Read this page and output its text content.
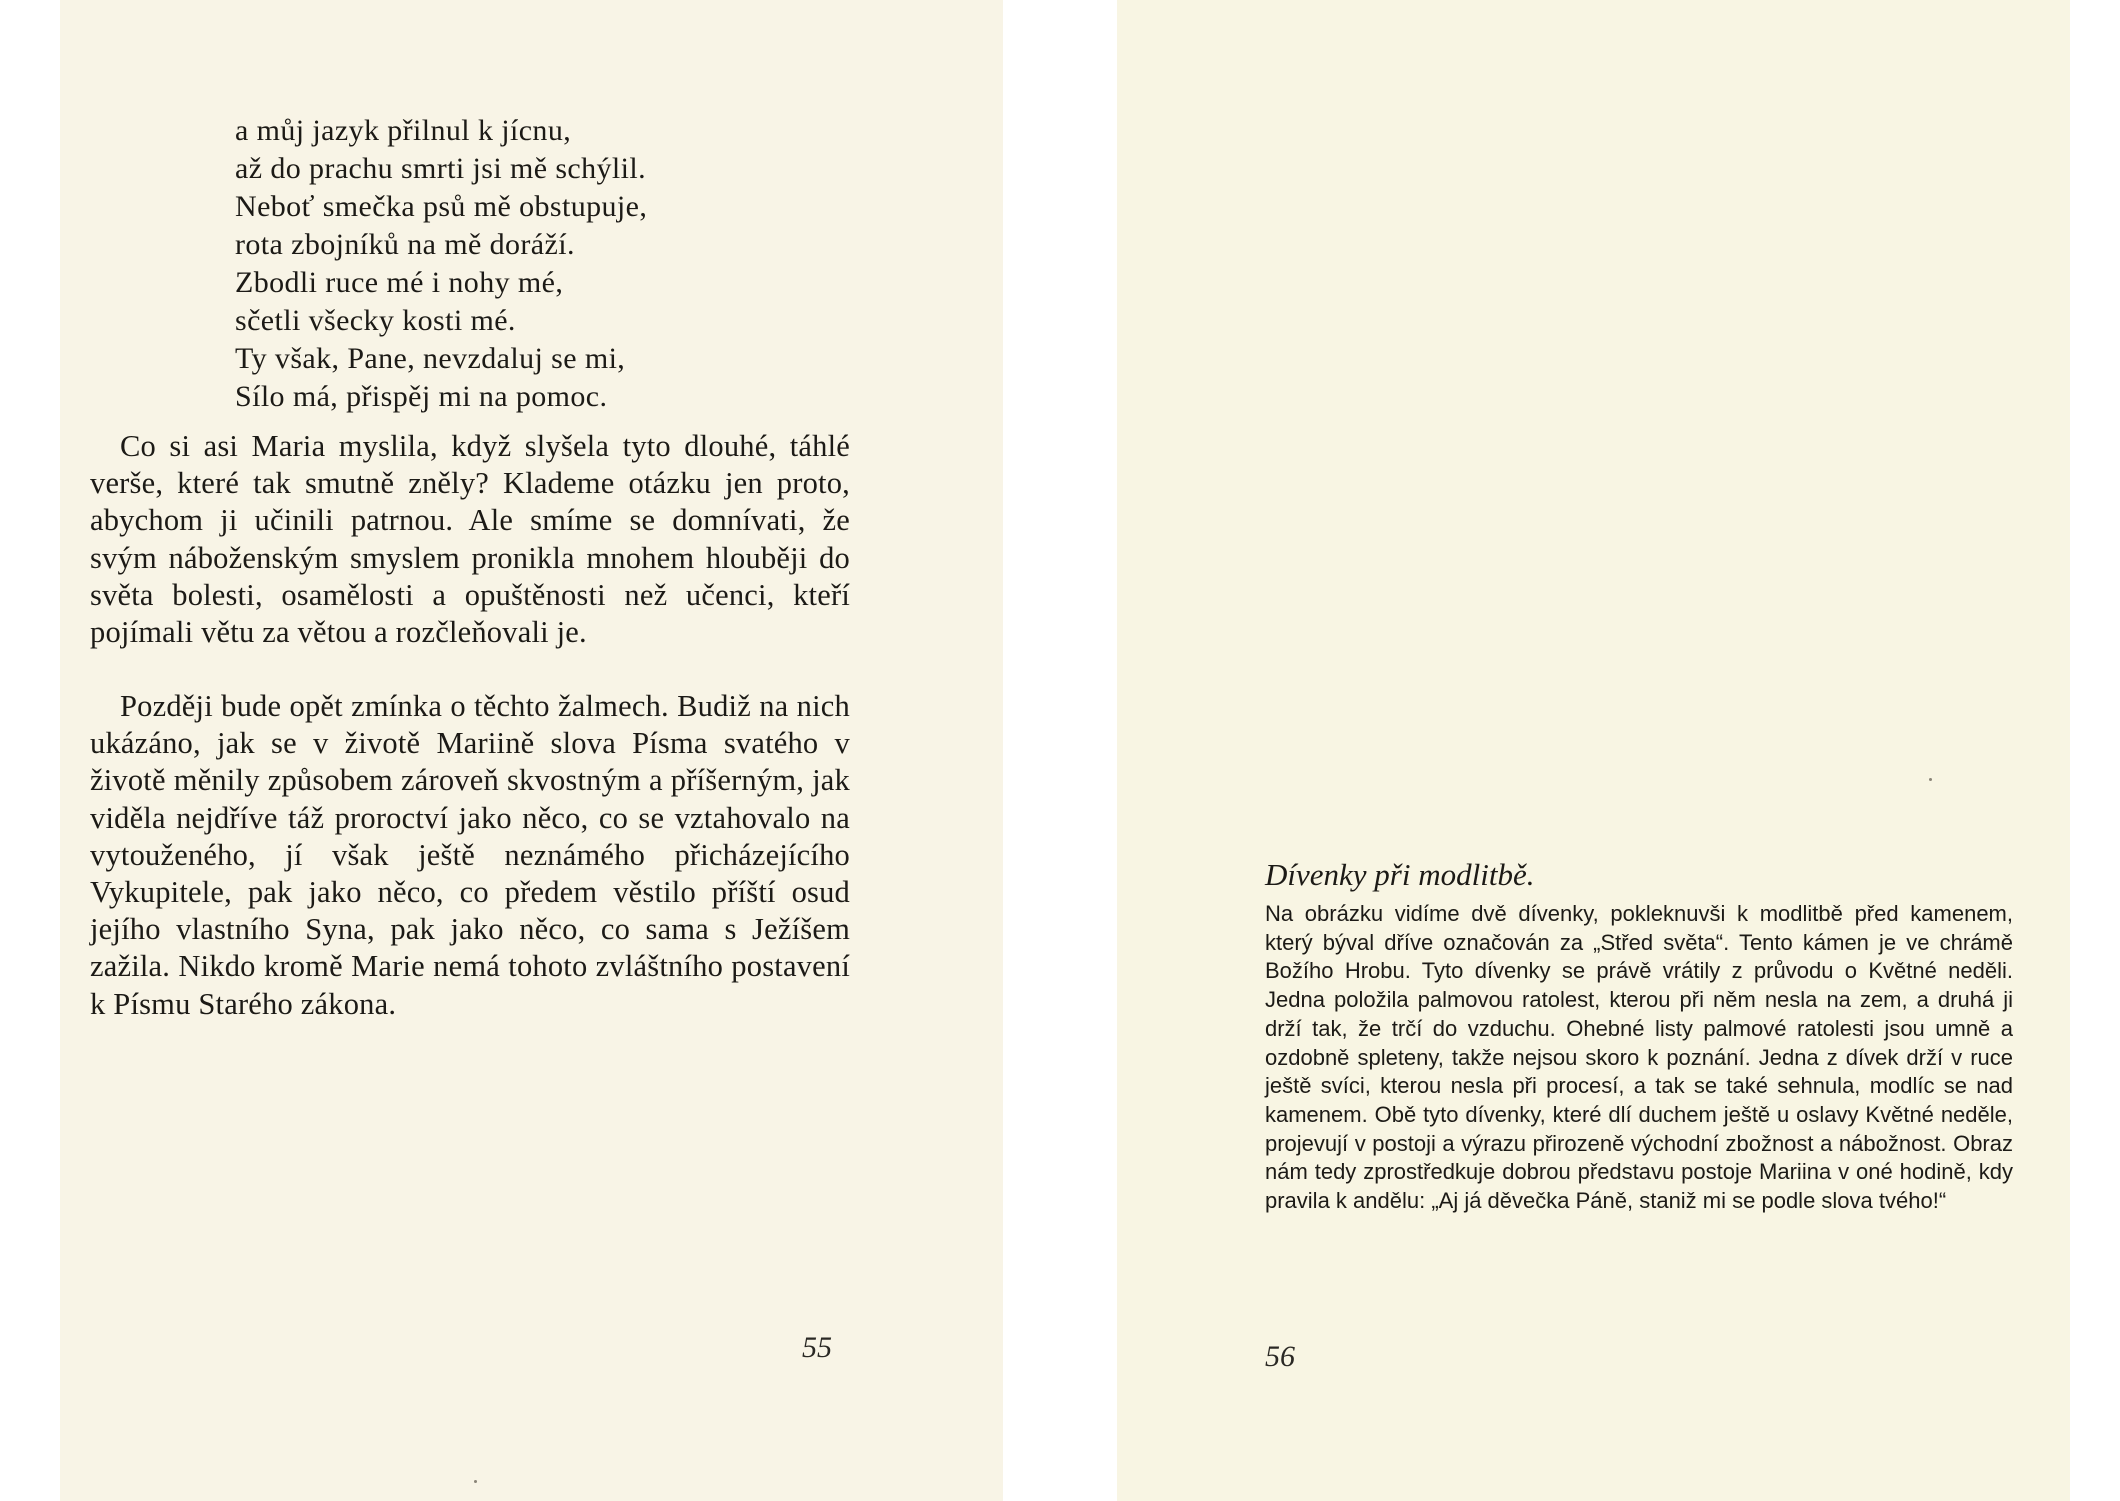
a můj jazyk přilnul k jícnu,
až do prachu smrti jsi mě schýlil.
Neboť smečka psů mě obstupuje,
rota zbojníků na mě doráží.
Zbodli ruce mé i nohy mé,
sčetli všecky kosti mé.
Ty však, Pane, nevzdaluj se mi,
Sílo má, přispěj mi na pomoc.

Co si asi Maria myslila, když slyšela tyto dlouhé, táhlé verše, které tak smutně zněly? Klademe otázku jen proto, abychom ji učinili patrnou. Ale smíme se domnívati, že svým náboženským smyslem pronikla mnohem hlouběji do světa bolesti, osamělosti a opuštěnosti než učenci, kteří pojímali větu za větou a rozčleňovali je.

Později bude opět zmínka o těchto žalmech. Budiž na nich ukázáno, jak se v životě Mariině slova Písma svatého v životě měnily způsobem zároveň skvostným a příšerným, jak viděla nejdříve táž proroctví jako něco, co se vztahovalo na vytouženého, jí však ještě neznámého přicházejícího Vykupitele, pak jako něco, co předem věstilo příští osud jejího vlastního Syna, pak jako něco, co sama s Ježíšem zažila. Nikdo kromě Marie nemá tohoto zvláštního postavení k Písmu Starého zákona.

55
Dívenky při modlitbě.

Na obrázku vidíme dvě dívenky, pokleknuvši k modlitbě před kamenem, který býval dříve označován za „Střed světa“. Tento kámen je ve chrámě Božího Hrobu. Tyto dívenky se právě vrátily z průvodu o Květné neděli. Jedna položila palmovou ratolest, kterou při něm nesla na zem, a druhá ji drží tak, že trčí do vzduchu. Ohebné listy palmové ratolesti jsou umně a ozdobně spleteny, takže nejsou skoro k poznání. Jedna z dívek drží v ruce ještě svíci, kterou nesla při procesí, a tak se také sehnula, modlíc se nad kamenem. Obě tyto dívenky, které dlí duchem ještě u oslavy Květné neděle, projevují v postoji a výrazu přirozeně východní zbožnost a nábožnost. Obraz nám tedy zprostředkuje dobrou představu postoje Mariina v oné hodině, kdy pravila k andělu: „Aj já děvečka Páně, staniž mi se podle slova tvého!“

56
